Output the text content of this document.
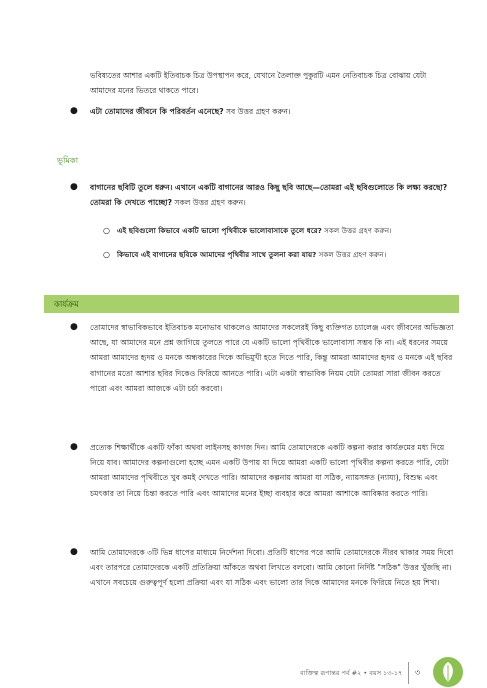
ভবিষ্যতের আশার একটি ইতিবাচক চিত্র উপস্থাপন করে, যেখানে তৈলাক্ত পুকুরটি এমন নেতিবাচক চিত্র বোঝায় যেটা আমাদের মনের ভিতরে থাকতে পারে।
●	এটা তোমাদের জীবনে কি পরিবর্তন এনেছে? সব উত্তর গ্রহণ করুন।
ভূমিকা
●	বাগানের ছবিটি তুলে ধরুন। এখানে একটি বাগানের আরও কিছু ছবি আছে—তোমরা এই ছবিগুলোতে কি লক্ষ্য করছো? তোমরা কি দেখতে পাচ্ছো? সকল উত্তর গ্রহণ করুন।
○ এই ছবিগুলো কিভাবে একটি ভালো পৃথিবীকে ভালোবাসাকে তুলে ধরে? সকল উত্তর গ্রহণ করুন।
○ কিভাবে এই বাগানের ছবিকে আমাদের পৃথিবীর সাথে তুলনা করা যায়? সকল উত্তর গ্রহণ করুন।
কার্যক্রম
●	তোমাদের স্বাভাবিকভাবে ইতিবাচক মনোভাব থাকলেও আমাদের সকলেরই কিছু ব্যক্তিগত চ্যালেঞ্জ এবং জীবনের অভিজ্ঞতা আছে, যা আমাদের মনে প্রশ্ন জাগিয়ে তুলতে পারে যে একটি ভালো পৃথিবীকে ভালোবাসা সম্ভব কি না। এই ধরনের সময়ে আমরা আমাদের হৃদয় ও মনকে অন্ধকারের দিকে অভিমুখী হতে দিতে পারি, কিন্তু আমরা আমাদের হৃদয় ও মনকে এই ছবির বাগানের মতো আশার ছবির দিকেও ফিরিয়ে আনতে পারি। এটা একটা স্বাভাবিক নিয়ম যেটা তোমরা সারা জীবন করতে পারো এবং আমরা আজকে এটা চর্চা করবো।
●	প্রত্যেক শিক্ষার্থীকে একটি ফাঁকা অথবা লাইনসহ কাগজ দিন। আমি তোমাদেরকে একটি কল্পনা করার কার্যক্রমের মধ্য দিয়ে নিয়ে যাব। আমাদের কল্পনাগুলো হচ্ছে এমন একটি উপায় যা দিয়ে আমরা একটি ভালো পৃথিবীর কল্পনা করতে পারি, যেটা আমরা আমাদের পৃথিবীতে খুব কমই দেখতে পারি। আমাদের কল্পনায় আমরা যা সঠিক, ন্যায়সঙ্গত (ন্যায্য), বিশুদ্ধ এবং চমৎকার তা নিয়ে চিন্তা করতে পারি এবং আমাদের মনের ইচ্ছা ব্যবহার করে আমরা আশাকে আবিষ্কার করতে পারি।
●	আমি তোমাদেরকে ৩টি ভিন্ন ধাপের মাধ্যমে নির্দেশনা দিবো। প্রতিটি ধাপের পরে আমি তোমাদেরকে নীরব থাকার সময় দিবো এবং তারপরে তোমাদেরকে একটি প্রতিক্রিয়া আঁকতে অথবা লিখতে বলবো। আমি কোনো নির্দিষ্ট "সঠিক" উত্তর খুঁজছি না। এখানে সবচেয়ে গুরুত্বপূর্ণ হলো প্রক্রিয়া এবং যা সঠিক এবং ভালো তার দিকে আমাদের মনকে ফিরিয়ে নিতে হয় শিখা।
ব্যক্তিত্ব রূপান্তর পর্ব #২ • বয়স ১৩-১৭ ৩
